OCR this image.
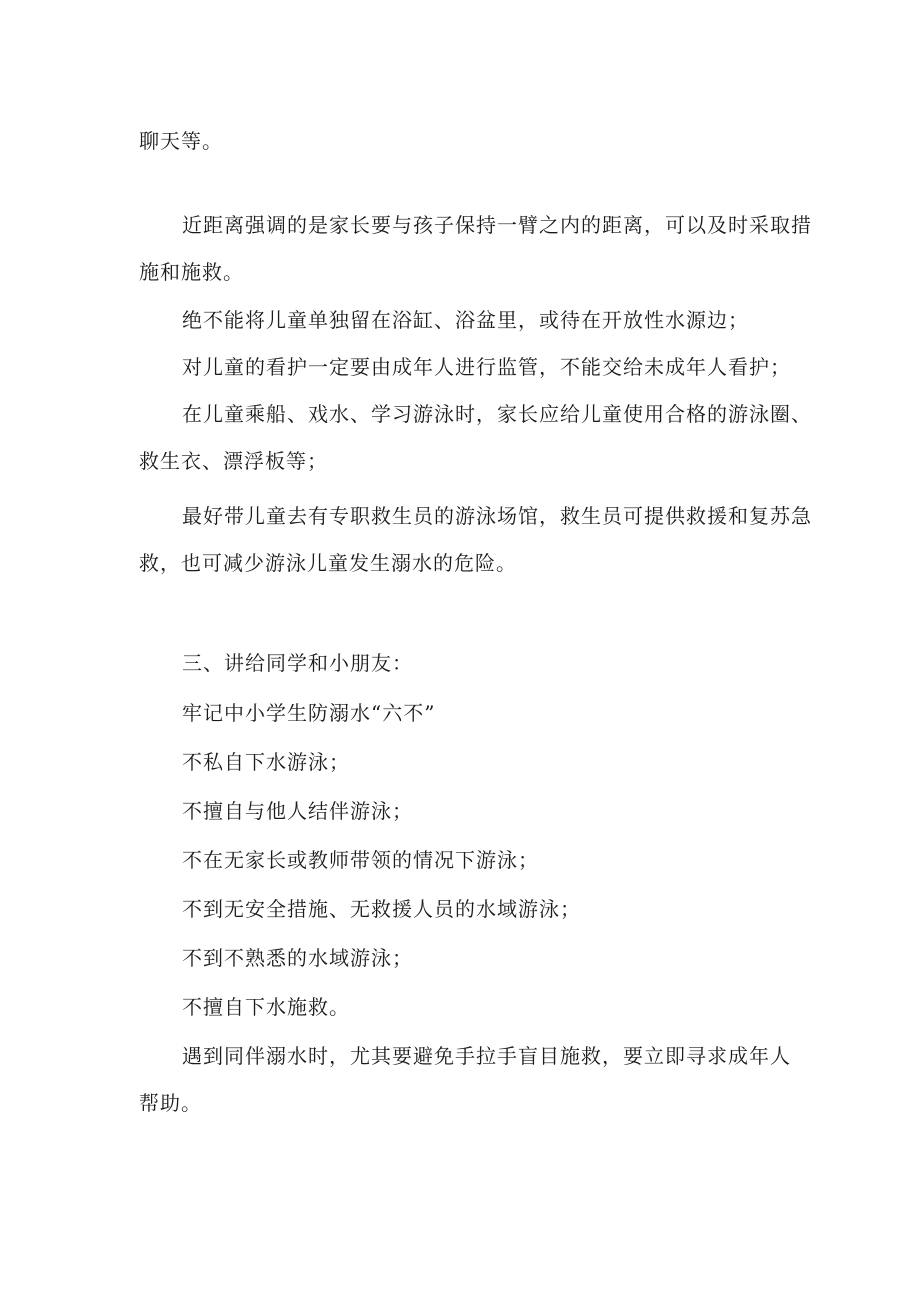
聊天等。

近距离强调的是家长要与孩子保持一臂之内的距离，可以及时采取措
施和施救。

绝不能将儿童单独留在浴缸、浴盆里，或待在开放性水源边；

对儿童的看护一定要由成年人进行监管，不能交给未成年人看护；

在儿童乘船、戏水、学习游泳时，家长应给儿童使用合格的游泳圈、
救生衣、漂浮板等；

最好带儿童去有专职救生员的游泳场馆，救生员可提供救援和复苏急
救，也可减少游泳儿童发生溺水的危险。

三、讲给同学和小朋友：

牢记中小学生防溺水“六不”

不私自下水游泳；

不擅自与他人结伴游泳；

不在无家长或教师带领的情况下游泳；

不到无安全措施、无救援人员的水域游泳；

不到不熟悉的水域游泳；

不擅自下水施救。

遇到同伴溺水时，尤其要避免手拉手盲目施救，要立即寻求成年人
帮助。
